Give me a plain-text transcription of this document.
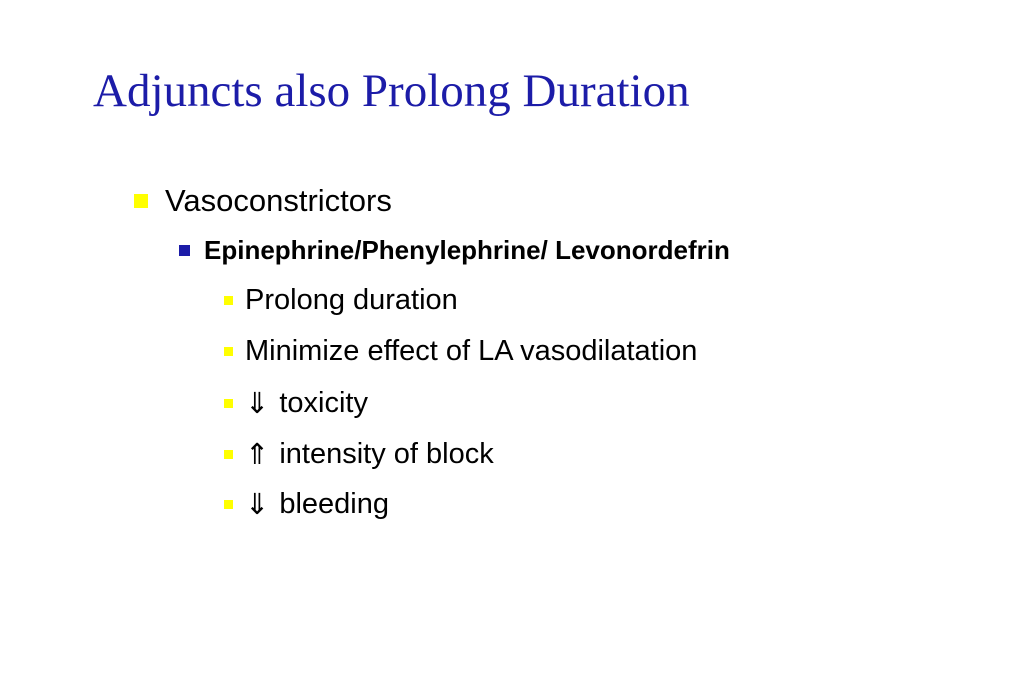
Adjuncts also Prolong Duration
Vasoconstrictors
Epinephrine/Phenylephrine/ Levonordefrin
Prolong duration
Minimize effect of LA vasodilatation
⇓ toxicity
⇑ intensity of block
⇓ bleeding
